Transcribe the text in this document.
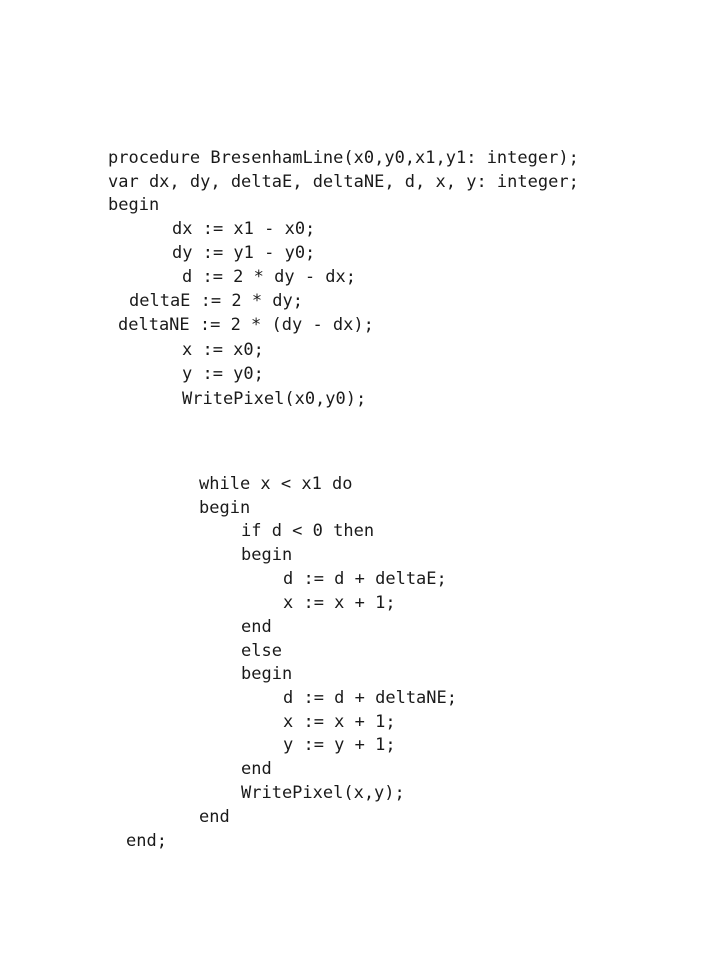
procedure BresenhamLine(x0,y0,x1,y1: integer);
var dx, dy, deltaE, deltaNE, d, x, y: integer;
begin
dx := x1 - x0;
dy := y1 - y0;
d := 2 * dy - dx;
deltaE := 2 * dy;
deltaNE := 2 * (dy - dx);
x := x0;
y := y0;
WritePixel(x0,y0);
while x < x1 do
begin
if d < 0 then
begin
d := d + deltaE;
x := x + 1;
end
else
begin
d := d + deltaNE;
x := x + 1;
y := y + 1;
end
WritePixel(x,y);
end
end;
